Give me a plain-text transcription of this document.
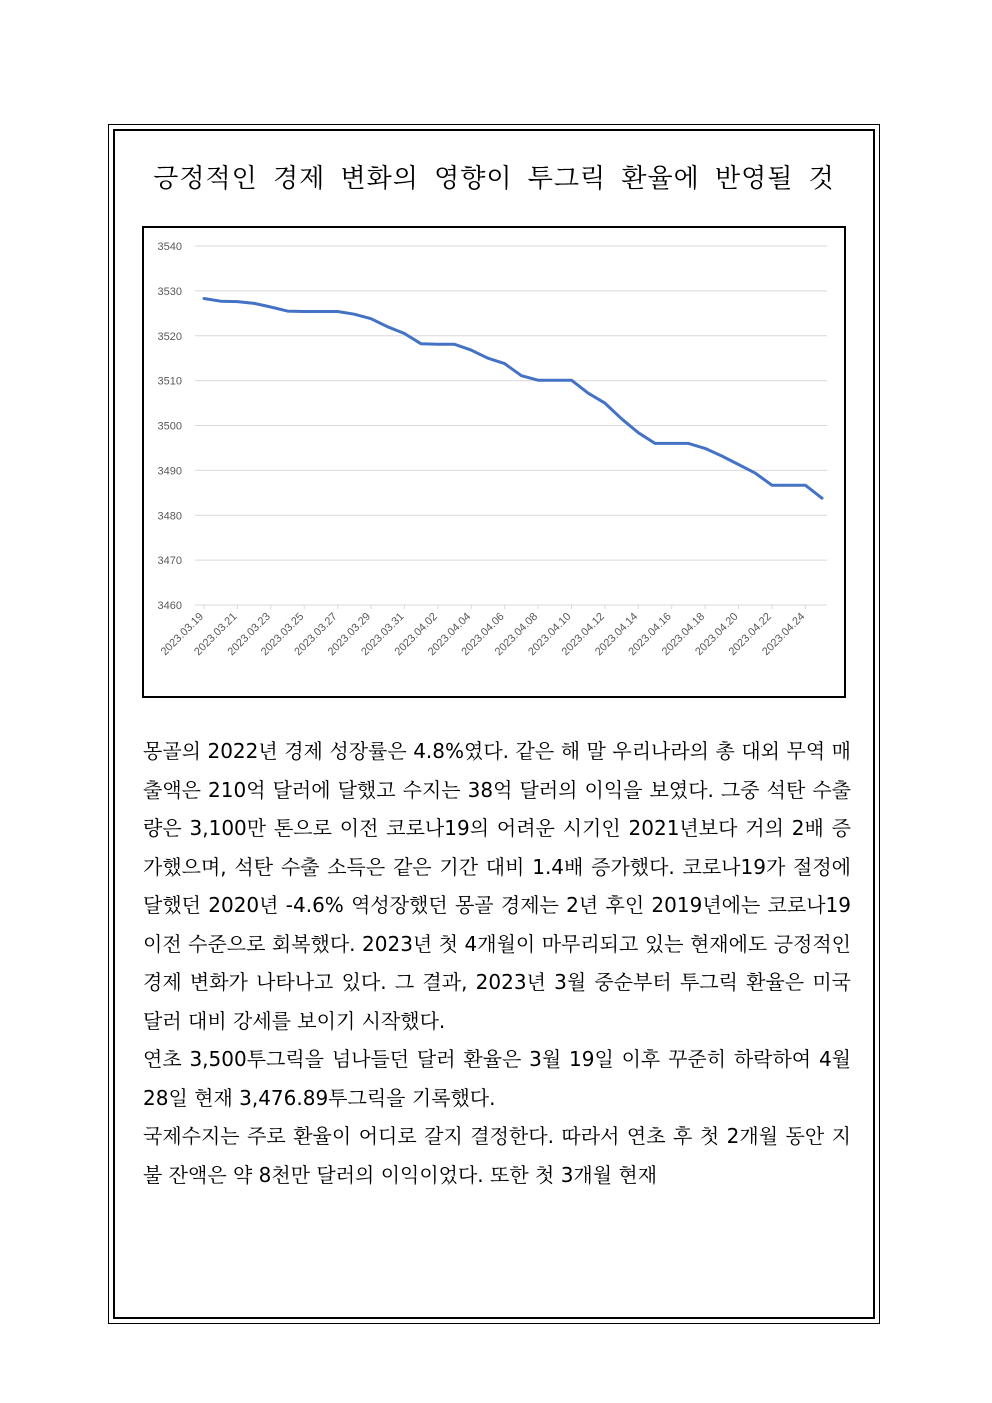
긍정적인 경제 변화의 영향이 투그릭 환율에 반영될 것
3460
3470
3480
3490
3500
3510
3520
3530
3540
2023.03.19
2023.03.21
2023.03.23
2023.03.25
2023.03.27
2023.03.29
2023.03.31
2023.04.02
2023.04.04
2023.04.06
2023.04.08
2023.04.10
2023.04.12
2023.04.14
2023.04.16
2023.04.18
2023.04.20
2023.04.22
2023.04.24

몽골의 2022년 경제 성장률은 4.8%였다. 같은 해 말 우리나라의 총 대외 무역 매출액은 210억 달러에 달했고 수지는 38억 달러의 이익을 보였다. 그중 석탄 수출량은 3,100만 톤으로 이전 코로나19의 어려운 시기인 2021년보다 거의 2배 증가했으며, 석탄 수출 소득은 같은 기간 대비 1.4배 증가했다. 코로나19가 절정에 달했던 2020년 -4.6% 역성장했던 몽골 경제는 2년 후인 2019년에는 코로나19 이전 수준으로 회복했다. 2023년 첫 4개월이 마무리되고 있는 현재에도 긍정적인 경제 변화가 나타나고 있다. 그 결과, 2023년 3월 중순부터 투그릭 환율은 미국 달러 대비 강세를 보이기 시작했다.

연초 3,500투그릭을 넘나들던 달러 환율은 3월 19일 이후 꾸준히 하락하여 4월 28일 현재 3,476.89투그릭을 기록했다.

국제수지는 주로 환율이 어디로 갈지 결정한다. 따라서 연초 후 첫 2개월 동안 지불 잔액은 약 8천만 달러의 이익이었다. 또한 첫 3개월 현재
